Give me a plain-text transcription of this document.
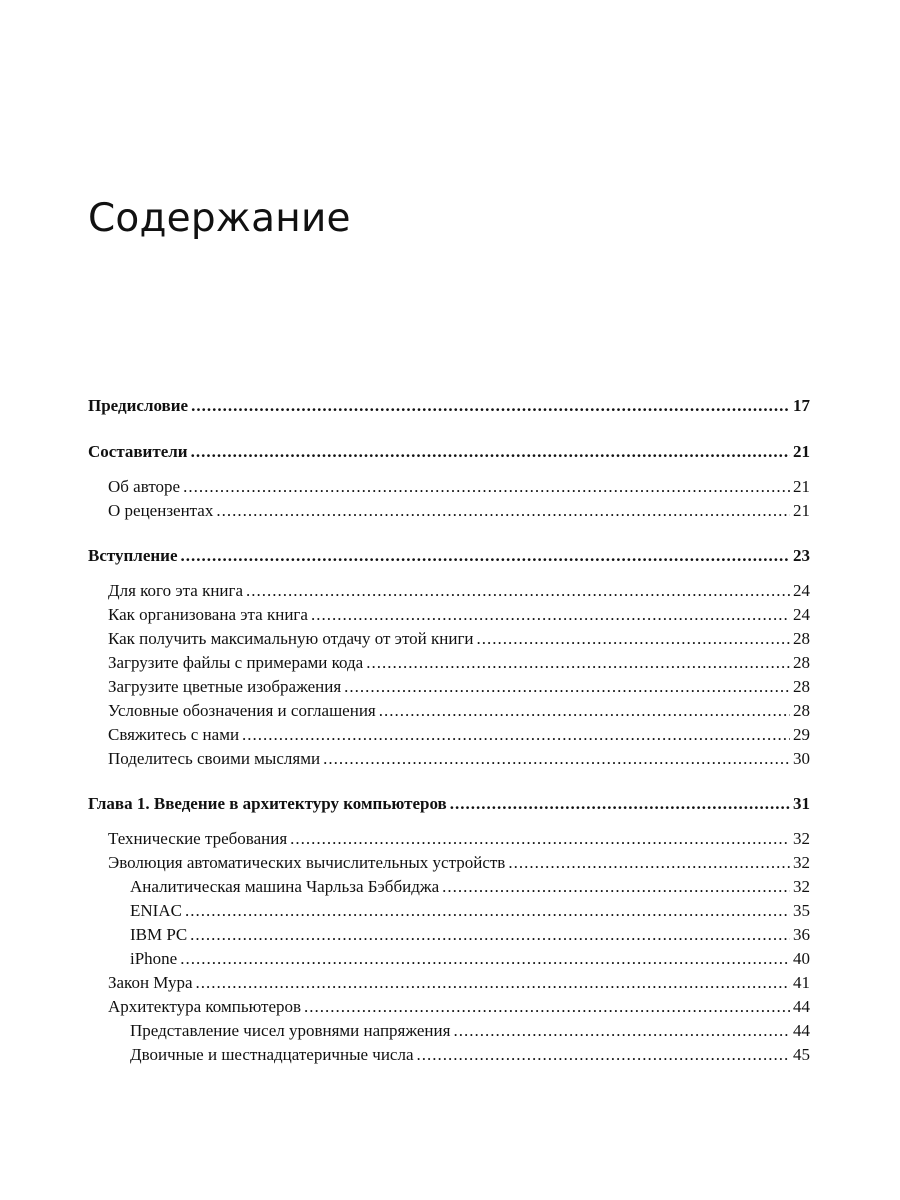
Содержание
Предисловие .....	17
Составители .....	21
Об авторе .....	21
О рецензентах .....	21
Вступление .....	23
Для кого эта книга .....	24
Как организована эта книга .....	24
Как получить максимальную отдачу от этой книги .....	28
Загрузите файлы с примерами кода .....	28
Загрузите цветные изображения .....	28
Условные обозначения и соглашения .....	28
Свяжитесь с нами .....	29
Поделитесь своими мыслями .....	30
Глава 1. Введение в архитектуру компьютеров .....	31
Технические требования .....	32
Эволюция автоматических вычислительных устройств .....	32
Аналитическая машина Чарльза Бэббиджа .....	32
ENIAC .....	35
IBM PC .....	36
iPhone .....	40
Закон Мура .....	41
Архитектура компьютеров .....	44
Представление чисел уровнями напряжения .....	44
Двоичные и шестнадцатеричные числа .....	45
